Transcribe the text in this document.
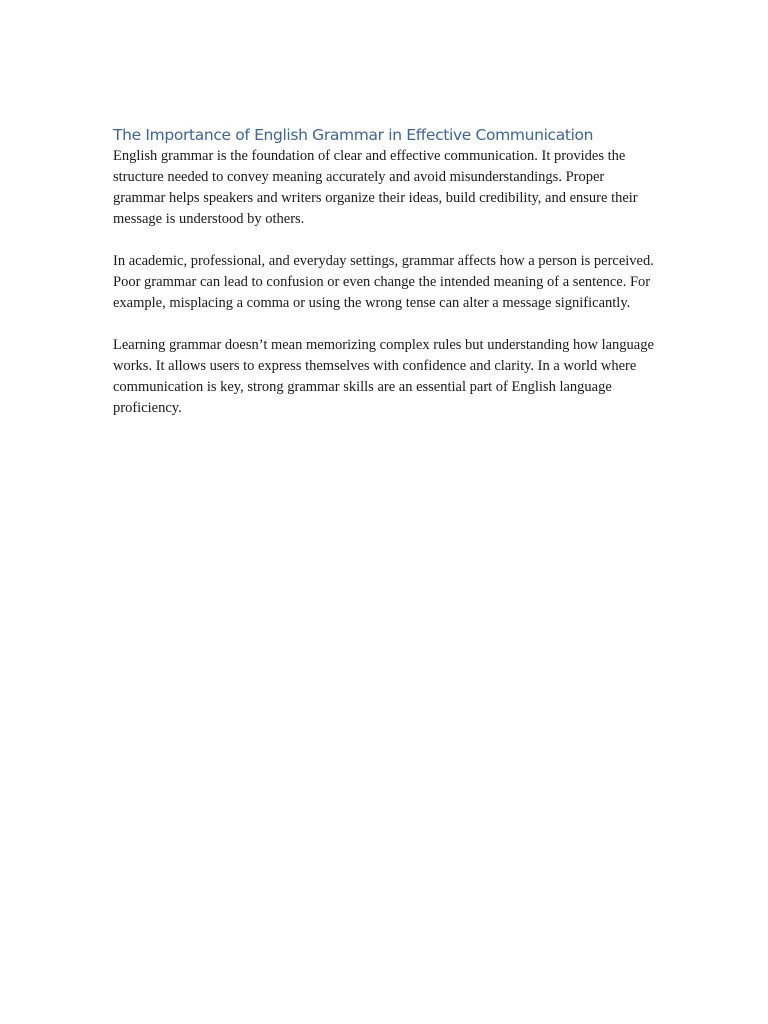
The Importance of English Grammar in Effective Communication

English grammar is the foundation of clear and effective communication. It provides the structure needed to convey meaning accurately and avoid misunderstandings. Proper grammar helps speakers and writers organize their ideas, build credibility, and ensure their message is understood by others.

In academic, professional, and everyday settings, grammar affects how a person is perceived. Poor grammar can lead to confusion or even change the intended meaning of a sentence. For example, misplacing a comma or using the wrong tense can alter a message significantly.

Learning grammar doesn’t mean memorizing complex rules but understanding how language works. It allows users to express themselves with confidence and clarity. In a world where communication is key, strong grammar skills are an essential part of English language proficiency.
